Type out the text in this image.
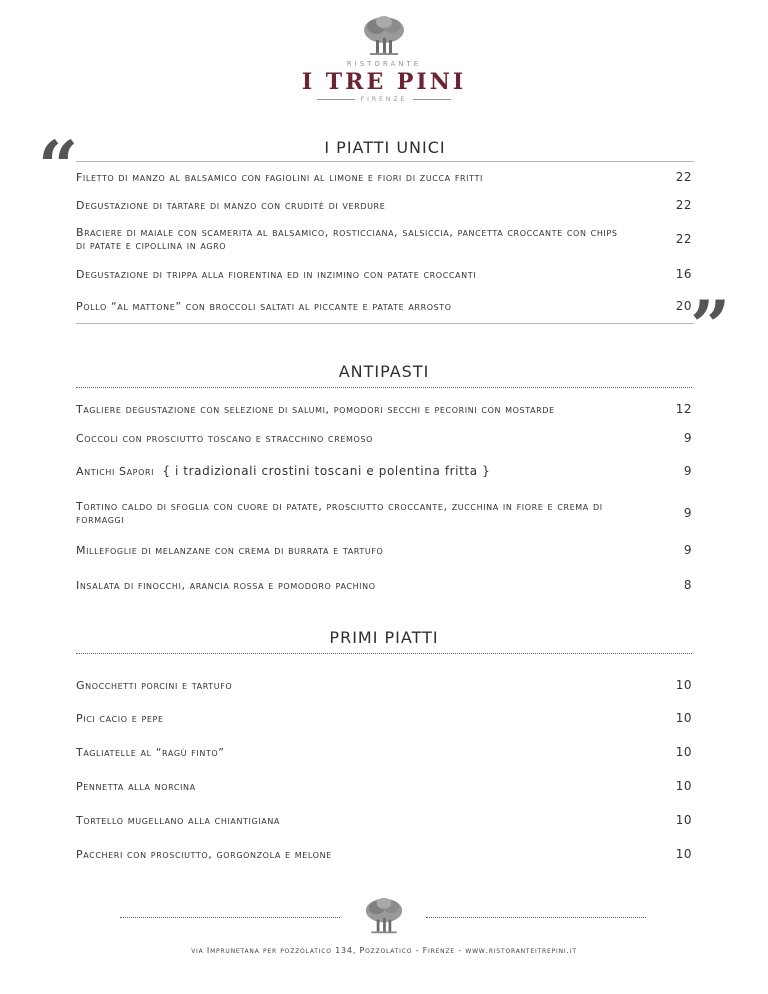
RISTORANTE
I TRE PINI
FIRENZE
“
”
I PIATTI UNICI
Filetto di manzo al balsamico con fagiolini al limone e fiori di zucca fritti	22
Degustazione di tartare di manzo con cruditè di verdure	22
Braciere di maiale con scamerita al balsamico, rosticciana, salsiccia, pancetta croccante con chips di patate e cipollina in agro	22
Degustazione di trippa alla fiorentina ed in inzimino con patate croccanti	16
Pollo “al mattone” con broccoli saltati al piccante e patate arrosto	20
ANTIPASTI
Tagliere degustazione con selezione di salumi, pomodori secchi e pecorini con mostarde	12
Coccoli con prosciutto toscano e stracchino cremoso	9
Antichi Sapori { i tradizionali crostini toscani e polentina fritta }	9
Tortino caldo di sfoglia con cuore di patate, prosciutto croccante, zucchina in fiore e crema di formaggi	9
Millefoglie di melanzane con crema di burrata e tartufo	9
Insalata di finocchi, arancia rossa e pomodoro pachino	8
PRIMI PIATTI
Gnocchetti porcini e tartufo	10
Pici cacio e pepe	10
Tagliatelle al “ragù finto”	10
Pennetta alla norcina	10
Tortello mugellano alla chiantigiana	10
Paccheri con prosciutto, gorgonzola e melone	10
via Imprunetana per pozzolatico 134, Pozzolatico - Firenze - www.ristoranteitrepini.it
